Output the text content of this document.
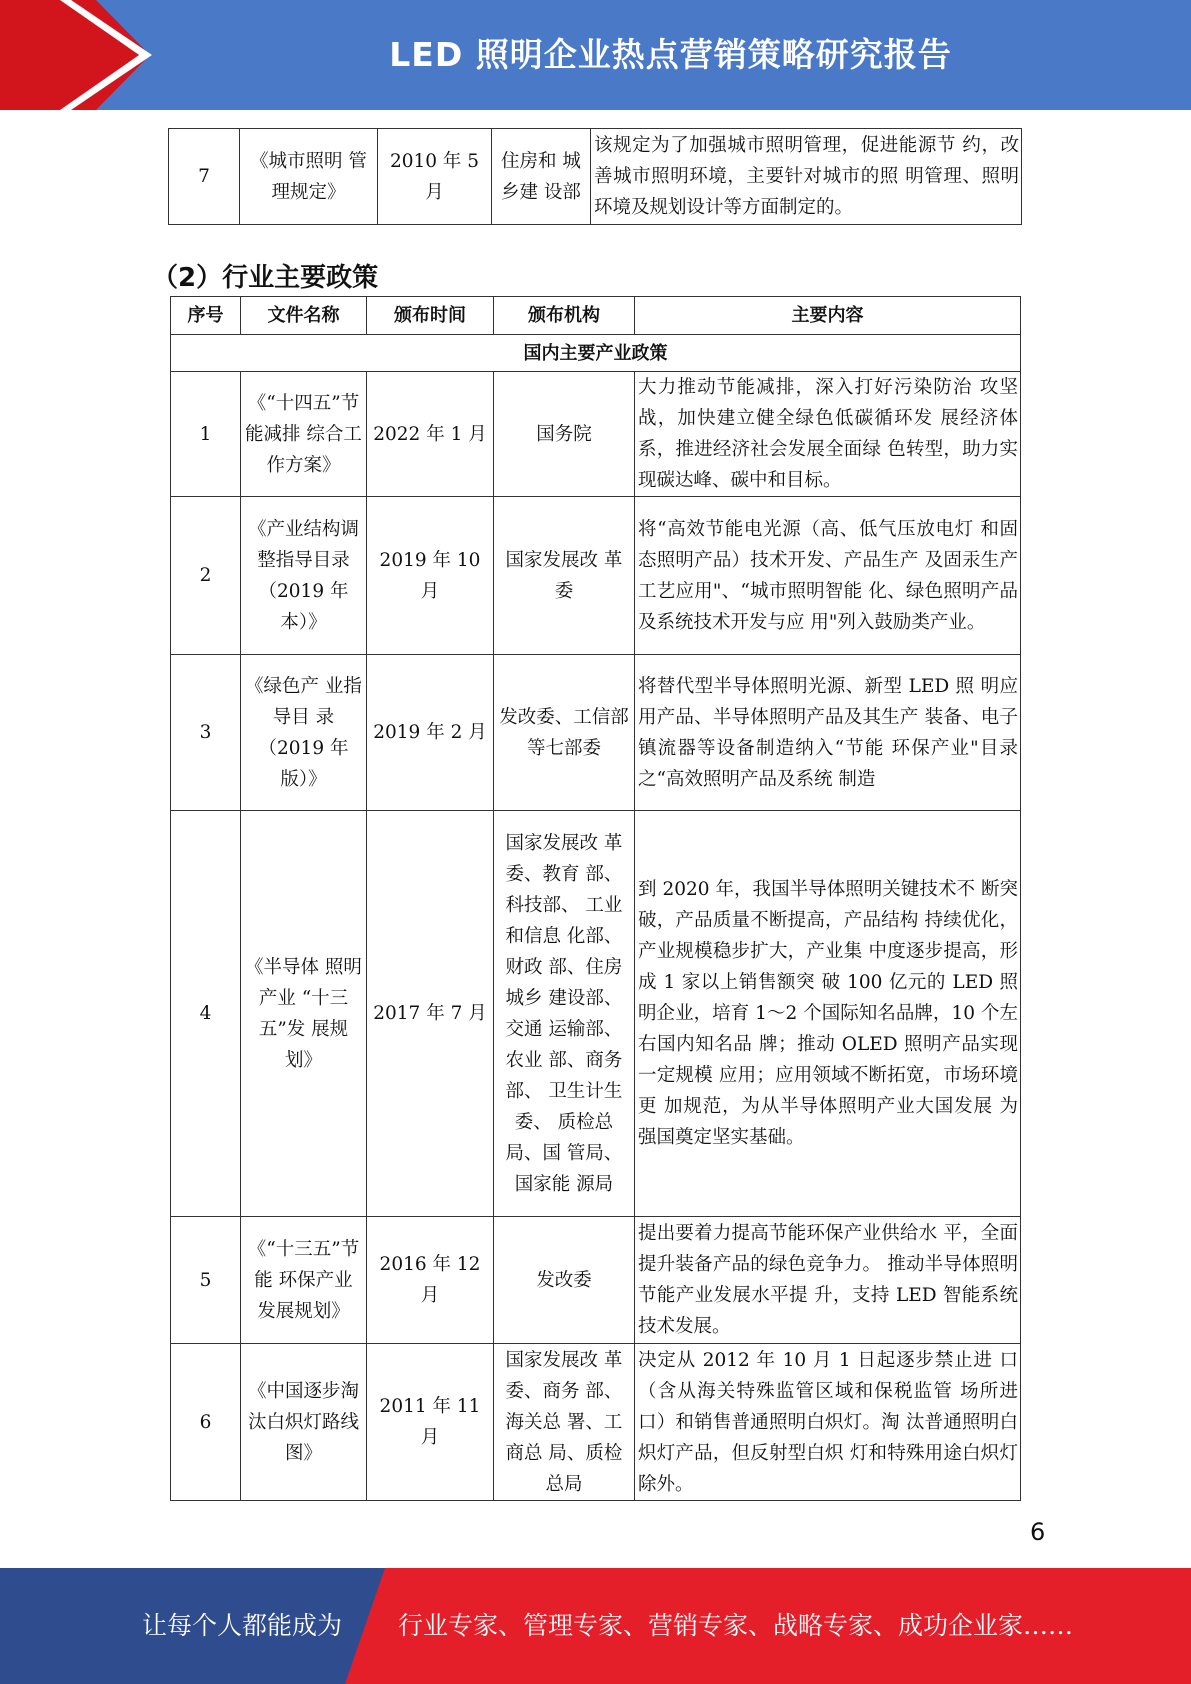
LED 照明企业热点营销策略研究报告
7	《城市照明 管理规定》	2010 年 5 月	住房和 城乡建 设部	该规定为了加强城市照明管理，促进能源节 约，改善城市照明环境，主要针对城市的照 明管理、照明环境及规划设计等方面制定的。
（2）行业主要政策
序号	文件名称	颁布时间	颁布机构	主要内容
国内主要产业政策				
1	《“十四五”节能减排 综合工作方案》	2022 年 1 月	国务院	大力推动节能减排，深入打好污染防治 攻坚战，加快建立健全绿色低碳循环发 展经济体系，推进经济社会发展全面绿 色转型，助力实现碳达峰、碳中和目标。
2	《产业结构调整指导目录（2019 年本）》	2019 年 10 月	国家发展改 革委	将“高效节能电光源（高、低气压放电灯 和固态照明产品）技术开发、产品生产 及固汞生产工艺应用"、“城市照明智能 化、绿色照明产品及系统技术开发与应 用"列入鼓励类产业。
3	《绿色产 业指导目 录（2019 年版）》	2019 年 2 月	发改委、工信部等七部委	将替代型半导体照明光源、新型 LED 照 明应用产品、半导体照明产品及其生产 装备、电子镇流器等设备制造纳入“节能 环保产业"目录之“高效照明产品及系统 制造
4	《半导体 照明产业 “十三五”发 展规划》	2017 年 7 月	国家发展改 革委、教育 部、科技部、 工业和信息 化部、财政 部、住房城乡 建设部、交通 运输部、农业 部、商务部、 卫生计生委、 质检总局、国 管局、国家能 源局	到 2020 年，我国半导体照明关键技术不 断突破，产品质量不断提高，产品结构 持续优化，产业规模稳步扩大，产业集 中度逐步提高，形成 1 家以上销售额突 破 100 亿元的 LED 照明企业，培育 1～2 个国际知名品牌，10 个左右国内知名品 牌；推动 OLED 照明产品实现一定规模 应用；应用领域不断拓宽，市场环境更 加规范，为从半导体照明产业大国发展 为强国奠定坚实基础。
5	《“十三五”节能 环保产业 发展规划》	2016 年 12 月	发改委	提出要着力提高节能环保产业供给水 平，全面提升装备产品的绿色竞争力。 推动半导体照明节能产业发展水平提 升，支持 LED 智能系统技术发展。
6	《中国逐步淘汰白炽灯路线图》	2011 年 11 月	国家发展改 革委、商务 部、海关总 署、工商总 局、质检总局	决定从 2012 年 10 月 1 日起逐步禁止进 口（含从海关特殊监管区域和保税监管 场所进口）和销售普通照明白炽灯。淘 汰普通照明白炽灯产品，但反射型白炽 灯和特殊用途白炽灯除外。
6
让每个人都能成为 行业专家、管理专家、营销专家、战略专家、成功企业家……
